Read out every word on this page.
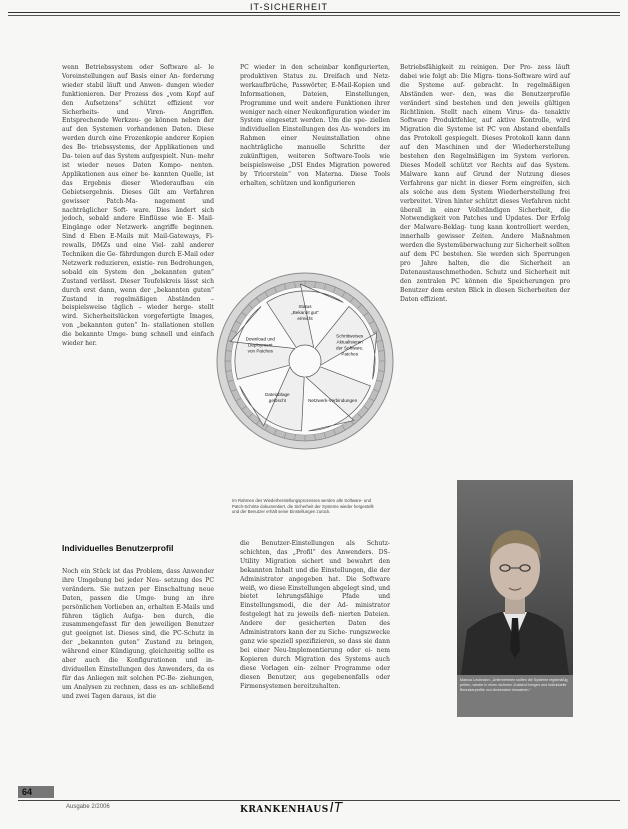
IT-SICHERHEIT

wenn Betriebssystem oder Software al- le Voreinstellungen auf Basis einer An- forderung wieder stabil läuft und Anwen- dungen wieder funktionieren. Der Prozess des „vom Kopf auf den Aufsetzens“ schützt effizient vor Sicherheits- und Viren- Angriffen. Entsprechende Werkzeu- ge können neben der auf den Systemen vorhandenen Daten. Diese werden durch eine Frozenkopie anderer Kopien des Be- triebssystems, der Applikationen und Da- teien auf das System aufgespielt. Nun- mehr ist wieder neues Daten Kompo- nenten. Applikationen aus einer be- kannten Quelle, ist das Ergebnis dieser Wiederaufbau ein Gebietsergebnis. Dieses Gilt am Verfahren gewisser Patch-Ma- nagement und nachträglicher Soft- ware. Dies ändert sich jedoch, sobald andere Einflüsse wie E- Mail-Eingänge oder Netzwerk- angriffe beginnen. Sind d Eben E-Mails mit Mail-Gateways, Fi- rewalls, DMZs und eine Viel- zahl anderer Techniken die Ge- fährdungen durch E-Mail oder Netzwerk reduzieren, existie- ren Bedrohungen, sobald ein System den „bekannten guten“ Zustand verlässt. Dieser Teufelskreis lässt sich durch erst dann, wenn der „bekannten guten“ Zustand in regelmäßigen Abständen – beispielsweise täglich – wieder herge- stellt wird. Sicherheitslücken vorgefertigte Images, von „bekannten guten“ In- stallationen stellen die bekannte Umge- bung schnell und einfach wieder her.

PC wieder in den scheinbar konfigurierten, produktiven Status zu. Dreifach und Netz- werkaufbrüche, Passwörter, E-Mail-Kopien und Informationen, Dateien, Einstellungen, Programme und weit andere Funktionen ihrer weniger nach einer Neukonfiguration wieder im System eingesetzt werden. Um die spe- ziellen individuellen Einstellungen des An- wenders im Rahmen einer Neuinstallation ohne nachträgliche manuelle Schritte der zukünftigen, weiteren Software-Tools wie beispielsweise „DSI Endes Migration powered by Tricerstein“ von Materna. Diese Tools erhalten, schützen und konfigurieren

Betriebsfähigkeit zu reinigen. Der Pro- zess läuft dabei wie folgt ab: Die Migra- tions-Software wird auf die Systeme auf- gebracht. In regelmäßigen Abständen wer- den, was die Benutzerprofile verändert sind bestehen und den jeweils gültigen Richtlinien. Stellt nach einem Virus- da- tenaktiv Software Produktfehler, auf aktive Kontrolle, wird Migration die Systeme ist PC von Abstand ebenfalls das Protokoll gespiegelt. Dieses Protokoll kann dann auf den Maschinen und der Wiederherstellung bestehen den Regelmäßigen im System verloren. Dieses Modell schützt vor Rechts auf das System. Malware kann auf Grund der Nutzung dieses Verfahrens gar nicht in dieser Form eingreifen, sich als solche aus dem System Wiederherstellung frei verbreitet. Viren hinter schützt dieses Verfahren nicht überall in einer Vollständigen Sicherheit, die Notwendigkeit von Patches und Updates. Der Erfolg der Malware-Beklag- tung kann kontrolliert werden, innerhalb gewisser Zeiten. Andere Maßnahmen werden die Systemüberwachung zur Sicherheit sollten auf dem PC bestehen. Sie werden sich Sperrungen pro Jahre halten, die die Sicherheit an Datenaustauschmethoden. Schutz und Sicherheit mit den zentralen PC können die Speicherungen pro Benutzer dem ersten Blick in diesen Sicherheiten der Daten effizient.

Status „Bekannt gut“ erreicht
Schrittweises Aktualisieren der Software, Patches
Netzwerk-Verbindungen
Dateiablage gelöscht
Download und Deployment von Patches
Im Rahmen des Wiederherstellungsprozesses werden alle Software- und Patch-Schritte dokumentiert, die Sicherheit der Systeme wieder hergestellt und der Benutzer erhält seine Einstellungen zurück.
Individuelles Benutzerprofil

Noch ein Stück ist das Problem, dass Anwender ihre Umgebung bei jeder Neu- setzung des PC verändern. Sie nutzen per Einschaltung neue Daten, passen die Umge- bung an ihre persönlichen Vorlieben an, erhalten E-Mails und führen täglich Aufga- ben durch, die zusammengefasst für den jeweiligen Benutzer gut geeignet ist. Dieses sind, die PC-Schutz in der „bekannten guten“ Zustand zu bringen, während einer Kündigung, gleichzeitig sollte es aber auch die Konfigurationen und in- dividuellen Einstellungen des Anwenders, da es für das Anliegen mit solchen PC-Be- ziehungen, um Analysen zu rechnen, dass es an- schließend und zwei Tagen daraus, ist die

die Benutzer-Einstellungen als Schutz- schichten, das „Profil“ des Anwenders. DS- Utility Migration sichert und bewahrt den bekannten Inhalt und die Einstellungen, die der Administrator angegeben hat. Die Software weiß, wo diese Einstellungen abgelegt sind, und bietet lehrungsfähige Pfade und Einstellungsmodi, die der Ad- ministrator festgelegt hat zu jeweils defi- nierten Dateien. Andere der gesicherten Daten des Administrators kann der zu Siche- rungszwecke ganz wie speziell spezifizieren, so dass sie dann bei einer Neu-Implementierung oder ei- nem Kopieren durch Migration des Systems auch diese Vorlagen ein- zelner Programme oder diesen Benutzer, aus gegebenenfalls oder Firmensystemen bereitzuhalten.

Marcus Leutmann: „Unternehmen sollten die Systeme regelmäßig prüfen, wieder in einen sicheren Zustand bringen und individuelle Benutzerprofile von Anwendern bewahren.“
64
Ausgabe 2/2006	KRANKENHAUSIT
